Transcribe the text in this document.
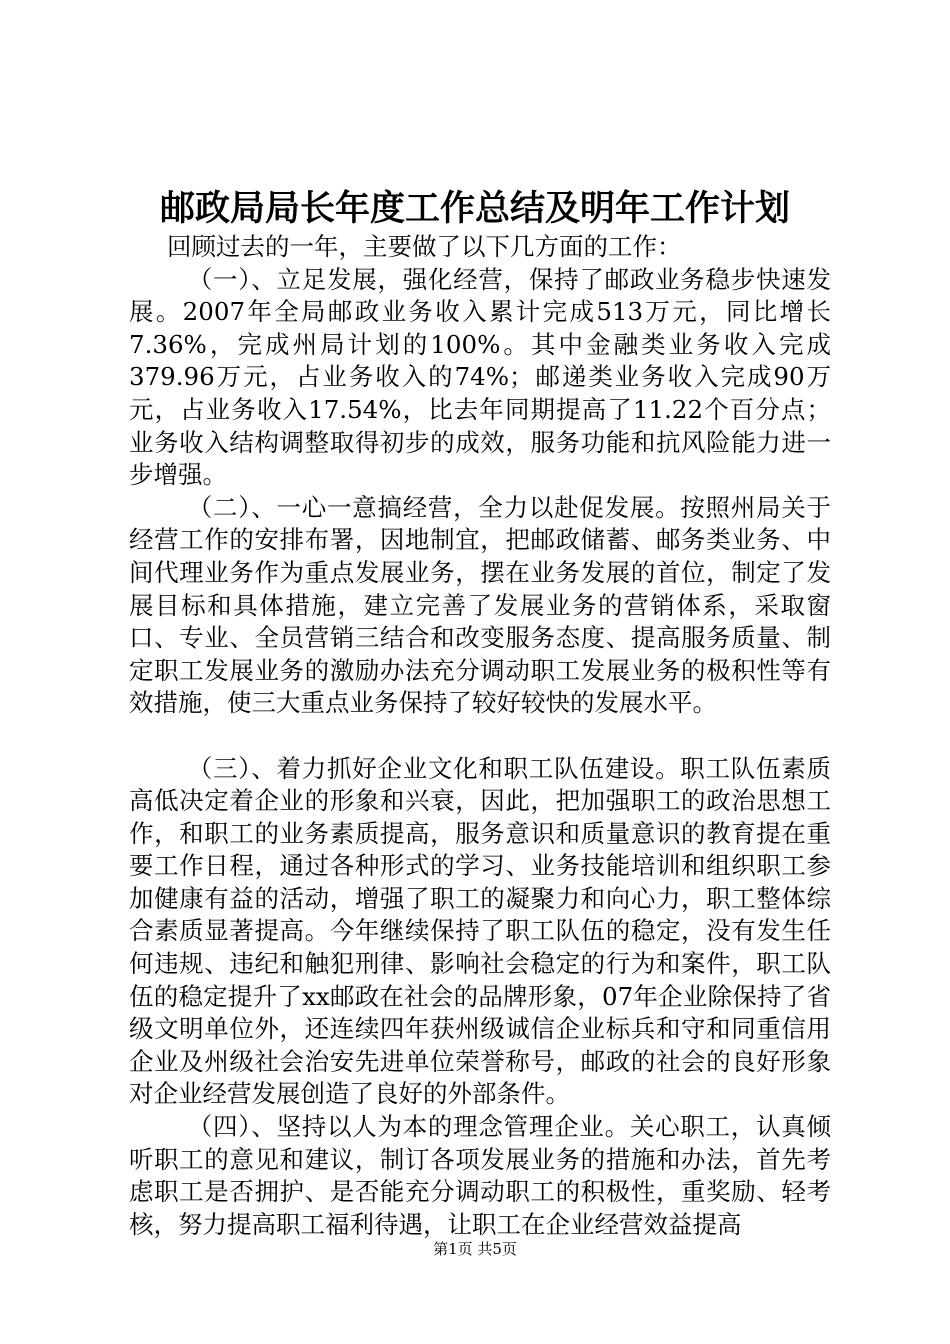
邮政局局长年度工作总结及明年工作计划

回顾过去的一年，主要做了以下几方面的工作：

（一）、立足发展，强化经营，保持了邮政业务稳步快速发展。2007年全局邮政业务收入累计完成513万元，同比增长7.36%，完成州局计划的100%。其中金融类业务收入完成379.96万元，占业务收入的74%；邮递类业务收入完成90万元，占业务收入17.54%，比去年同期提高了11.22个百分点；业务收入结构调整取得初步的成效，服务功能和抗风险能力进一步增强。

（二）、一心一意搞经营，全力以赴促发展。按照州局关于经营工作的安排布署，因地制宜，把邮政储蓄、邮务类业务、中间代理业务作为重点发展业务，摆在业务发展的首位，制定了发展目标和具体措施，建立完善了发展业务的营销体系，采取窗口、专业、全员营销三结合和改变服务态度、提高服务质量、制定职工发展业务的激励办法充分调动职工发展业务的极积性等有效措施，使三大重点业务保持了较好较快的发展水平。

（三）、着力抓好企业文化和职工队伍建设。职工队伍素质高低决定着企业的形象和兴衰，因此，把加强职工的政治思想工作，和职工的业务素质提高，服务意识和质量意识的教育提在重要工作日程，通过各种形式的学习、业务技能培训和组织职工参加健康有益的活动，增强了职工的凝聚力和向心力，职工整体综合素质显著提高。今年继续保持了职工队伍的稳定，没有发生任何违规、违纪和触犯刑律、影响社会稳定的行为和案件，职工队伍的稳定提升了xx邮政在社会的品牌形象，07年企业除保持了省级文明单位外，还连续四年获州级诚信企业标兵和守和同重信用企业及州级社会治安先进单位荣誉称号，邮政的社会的良好形象对企业经营发展创造了良好的外部条件。

（四）、坚持以人为本的理念管理企业。关心职工，认真倾听职工的意见和建议，制订各项发展业务的措施和办法，首先考虑职工是否拥护、是否能充分调动职工的积极性，重奖励、轻考核，努力提高职工福利待遇，让职工在企业经营效益提高

第1页 共5页
